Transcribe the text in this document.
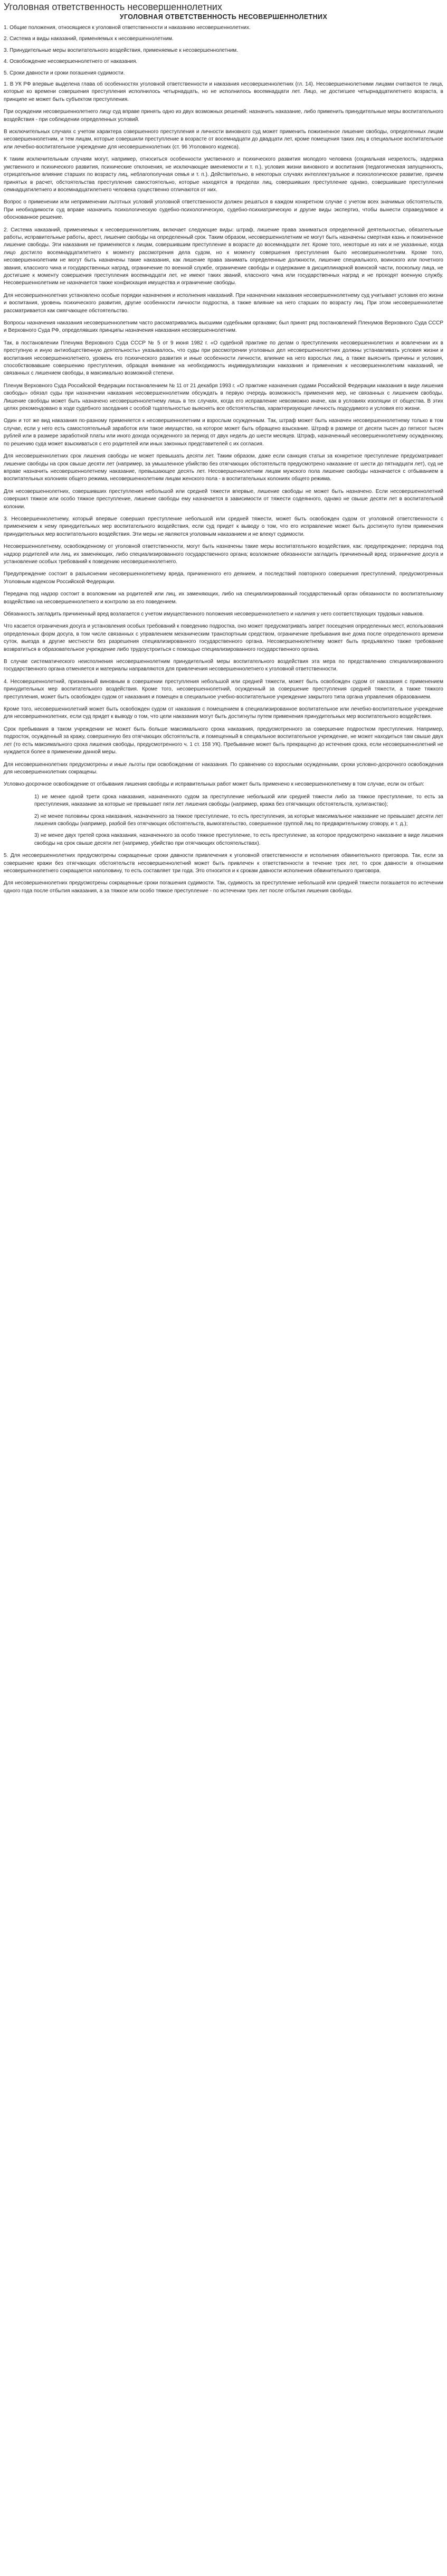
Уголовная ответственность несовершеннолетних
УГОЛОВНАЯ ОТВЕТСТВЕННОСТЬ НЕСОВЕРШЕННОЛЕТНИХ

1. Общие положения, относящиеся к уголовной ответственности и наказанию несовершеннолетних.

2. Система и виды наказаний, применяемых к несовершеннолетним.

3. Принудительные меры воспитательного воздействия, применяемые к несовершеннолетним.

4. Освобождение несовершеннолетнего от наказания.

5. Сроки давности и сроки погашения судимости.

1. В УК РФ впервые выделена глава об особенностях уголовной ответственности и наказания несовершеннолетних (гл. 14). Несовершеннолетними лицами считаются те лица, которые ко времени совершения преступления исполнилось четырнадцать, но не исполнилось восемнадцати лет. Лицо, не достигшее четырнадцатилетнего возраста, в принципе не может быть субъектом преступления.

При осуждении несовершеннолетнего лицу суд вправе принять одно из двух возможных решений: назначить наказание, либо применить принудительные меры воспитательного воздействия - при соблюдении определенных условий.

В исключительных случаях с учетом характера совершенного преступления и личности виновного суд может применить пожизненное лишение свободы, определенных лицам несовершеннолетним, и тем лицам, которые совершили преступление в возрасте от восемнадцати до двадцати лет, кроме помещения таких лиц в специальное воспитательное или лечебно-воспитательное учреждение для несовершеннолетних (ст. 96 Уголовного кодекса).

К таким исключительным случаям могут, например, относиться особенности умственного и психического развития молодого человека (социальная незрелость, задержка умственного и психического развития, психические отклонения, не исключающие вменяемости и т. п.), условия жизни виновного и воспитания (педагогическая запущенность, отрицательное влияние старших по возрасту лиц, неблагополучная семья и т. п.). Действительно, в некоторых случаях интеллектуальное и психологическое развитие, причем принятых в расчет, обстоятельства преступления самостоятельно, которые находятся в пределах лиц, совершивших преступление однако, совершившие преступления семнадцатилетнего и восемнадцатилетнего человека существенно отличаются от них.

Вопрос о применении или неприменении льготных условий уголовной ответственности должен решаться в каждом конкретном случае с учетом всех значимых обстоятельств. При необходимости суд вправе назначить психологическую судебно-психологическую, судебно-психиатрическую и другие виды экспертиз, чтобы вынести справедливое и обоснованное решение.

2. Система наказаний, применяемых к несовершеннолетним, включает следующие виды: штраф, лишение права заниматься определенной деятельностью, обязательные работы, исправительные работы, арест, лишение свободы на определенный срок. Таким образом, несовершеннолетним не могут быть назначены смертная казнь и пожизненное лишение свободы. Эти наказания не применяются к лицам, совершившим преступление в возрасте до восемнадцати лет. Кроме того, некоторые из них и не указанные, когда лицо достигло восемнадцатилетнего к моменту рассмотрения дела судом, но к моменту совершения преступления было несовершеннолетним. Кроме того, несовершеннолетним не могут быть назначены такие наказания, как лишение права занимать определенные должности, лишение специального, воинского или почетного звания, классного чина и государственных наград, ограничение по военной службе, ограничение свободы и содержание в дисциплинарной воинской части, поскольку лица, не достигшие к моменту совершения преступления восемнадцати лет, не имеют таких званий, классного чина или государственных наград и не проходят военную службу. Несовершеннолетним не назначается также конфискация имущества и ограничение свободы.

Для несовершеннолетних установлено особые порядки назначения и исполнения наказаний. При назначении наказания несовершеннолетнему суд учитывает условия его жизни и воспитания, уровень психического развития, другие особенности личности подростка, а также влияние на него старших по возрасту лиц. При этом несовершеннолетие рассматривается как смягчающее обстоятельство.

Вопросы назначения наказания несовершеннолетним часто рассматривались высшими судебными органами; был принят ряд постановлений Пленумов Верховного Суда СССР и Верховного Суда РФ, определявших принципы назначения наказания несовершеннолетним.

Так, в постановлении Пленума Верховного Суда СССР № 5 от 9 июня 1982 г. «О судебной практике по делам о преступлениях несовершеннолетних и вовлечении их в преступную и иную антиобщественную деятельность» указывалось, что суды при рассмотрении уголовных дел несовершеннолетних должны устанавливать условия жизни и воспитания несовершеннолетнего, уровень его психического развития и иные особенности личности, влияние на него взрослых лиц, а также выяснить причины и условия, способствовавшие совершению преступления, обращая внимание на необходимость индивидуализации наказания и применения к несовершеннолетним наказаний, не связанных с лишением свободы, в максимально возможной степени.

Пленум Верховного Суда Российской Федерации постановлением № 11 от 21 декабря 1993 г. «О практике назначения судами Российской Федерации наказания в виде лишения свободы» обязал суды при назначении наказания несовершеннолетним обсуждать в первую очередь возможность применения мер, не связанных с лишением свободы. Лишение свободы может быть назначено несовершеннолетнему лишь в тех случаях, когда его исправление невозможно иначе, как в условиях изоляции от общества. В этих целях рекомендовано в ходе судебного заседания с особой тщательностью выяснять все обстоятельства, характеризующие личность подсудимого и условия его жизни.

Один и тот же вид наказания по-разному применяется к несовершеннолетним и взрослым осужденным. Так, штраф может быть назначен несовершеннолетнему только в том случае, если у него есть самостоятельный заработок или такое имущество, на которое может быть обращено взыскание. Штраф в размере от десяти тысяч до пятисот тысяч рублей или в размере заработной платы или иного дохода осужденного за период от двух недель до шести месяцев. Штраф, назначенный несовершеннолетнему осужденному, по решению суда может взыскиваться с его родителей или иных законных представителей с их согласия.

Для несовершеннолетних срок лишения свободы не может превышать десяти лет. Таким образом, даже если санкция статьи за конкретное преступление предусматривает лишение свободы на срок свыше десяти лет (например, за умышленное убийство без отягчающих обстоятельств предусмотрено наказание от шести до пятнадцати лет), суд не вправе назначить несовершеннолетнему наказание, превышающее десять лет. Несовершеннолетним лицам мужского пола лишение свободы назначается с отбыванием в воспитательных колониях общего режима, несовершеннолетним лицам женского пола - в воспитательных колониях общего режима.

Для несовершеннолетних, совершивших преступления небольшой или средней тяжести впервые, лишение свободы не может быть назначено. Если несовершеннолетний совершил тяжкое или особо тяжкое преступление, лишение свободы ему назначается в зависимости от тяжести содеянного, однако не свыше десяти лет в воспитательной колонии.

3. Несовершеннолетнему, который впервые совершил преступление небольшой или средней тяжести, может быть освобожден судом от уголовной ответственности с применением к нему принудительных мер воспитательного воздействия, если суд придет к выводу о том, что его исправление может быть достигнуто путем применения принудительных мер воспитательного воздействия. Эти меры не являются уголовным наказанием и не влекут судимости.

Несовершеннолетнему, освобожденному от уголовной ответственности, могут быть назначены такие меры воспитательного воздействия, как: предупреждение; передача под надзор родителей или лиц, их заменяющих, либо специализированного государственного органа; возложение обязанности загладить причиненный вред; ограничение досуга и установление особых требований к поведению несовершеннолетнего.

Предупреждение состоит в разъяснении несовершеннолетнему вреда, причиненного его деянием, и последствий повторного совершения преступлений, предусмотренных Уголовным кодексом Российской Федерации.

Передача под надзор состоит в возложении на родителей или лиц, их заменяющих, либо на специализированный государственный орган обязанности по воспитательному воздействию на несовершеннолетнего и контролю за его поведением.

Обязанность загладить причиненный вред возлагается с учетом имущественного положения несовершеннолетнего и наличия у него соответствующих трудовых навыков.

Что касается ограничения досуга и установления особых требований к поведению подростка, оно может предусматривать запрет посещения определенных мест, использования определенных форм досуга, в том числе связанных с управлением механическим транспортным средством, ограничение пребывания вне дома после определенного времени суток, выезда в другие местности без разрешения специализированного государственного органа. Несовершеннолетнему может быть предъявлено также требование возвратиться в образовательное учреждение либо трудоустроиться с помощью специализированного государственного органа.

В случае систематического неисполнения несовершеннолетним принудительной меры воспитательного воздействия эта мера по представлению специализированного государственного органа отменяется и материалы направляются для привлечения несовершеннолетнего к уголовной ответственности.

4. Несовершеннолетний, признанный виновным в совершении преступления небольшой или средней тяжести, может быть освобожден судом от наказания с применением принудительных мер воспитательного воздействия. Кроме того, несовершеннолетний, осужденный за совершение преступления средней тяжести, а также тяжкого преступления, может быть освобожден судом от наказания и помещен в специальное учебно-воспитательное учреждение закрытого типа органа управления образованием.

Кроме того, несовершеннолетний может быть освобожден судом от наказания с помещением в специализированное воспитательное или лечебно-воспитательное учреждение для несовершеннолетних, если суд придет к выводу о том, что цели наказания могут быть достигнуты путем применения принудительных мер воспитательного воздействия.

Срок пребывания в таком учреждении не может быть больше максимального срока наказания, предусмотренного за совершение подростком преступления. Например, подросток, осужденный за кражу, совершенную без отягчающих обстоятельств, и помещенный в специальное воспитательное учреждение, не может находиться там свыше двух лет (то есть максимального срока лишения свободы, предусмотренного ч. 1 ст. 158 УК). Пребывание может быть прекращено до истечения срока, если несовершеннолетний не нуждается более в применении данной меры.

Для несовершеннолетних предусмотрены и иные льготы при освобождении от наказания. По сравнению со взрослыми осужденными, сроки условно-досрочного освобождения для несовершеннолетних сокращены.

Условно-досрочное освобождение от отбывания лишения свободы и исправительных работ может быть применено к несовершеннолетнему в том случае, если он отбыл:

1) не менее одной трети срока наказания, назначенного судом за преступление небольшой или средней тяжести либо за тяжкое преступление, то есть за преступления, наказание за которые не превышает пяти лет лишения свободы (например, кража без отягчающих обстоятельств, хулиганство);
2) не менее половины срока наказания, назначенного за тяжкое преступление, то есть преступления, за которые максимальное наказание не превышает десяти лет лишения свободы (например, разбой без отягчающих обстоятельств, вымогательство, совершенное группой лиц по предварительному сговору, и т. д.);
3) не менее двух третей срока наказания, назначенного за особо тяжкое преступление, то есть преступление, за которое предусмотрено наказание в виде лишения свободы на срок свыше десяти лет (например, убийство при отягчающих обстоятельствах).

5. Для несовершеннолетних предусмотрены сокращенные сроки давности привлечения к уголовной ответственности и исполнения обвинительного приговора. Так, если за совершение кражи без отягчающих обстоятельств несовершеннолетний может быть привлечен к ответственности в течение трех лет, то срок давности в отношении несовершеннолетнего сокращается наполовину, то есть составляет три года. Это относится и к срокам давности исполнения обвинительного приговора.

Для несовершеннолетних предусмотрены сокращенные сроки погашения судимости. Так, судимость за преступление небольшой или средней тяжести погашается по истечении одного года после отбытия наказания, а за тяжкое или особо тяжкое преступление - по истечении трех лет после отбытия лишения свободы.
